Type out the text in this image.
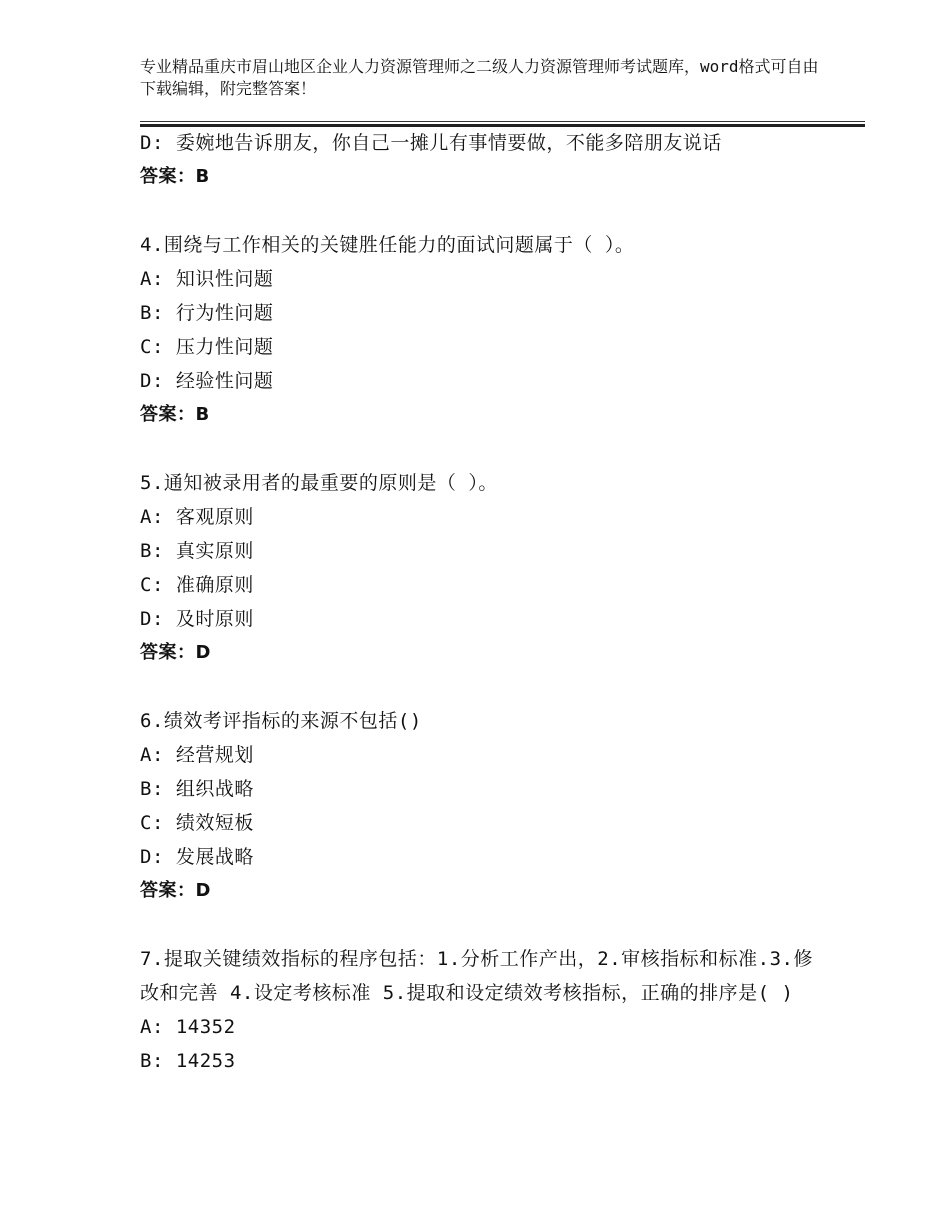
专业精品重庆市眉山地区企业人力资源管理师之二级人力资源管理师考试题库，word格式可自由下载编辑，附完整答案！
D: 委婉地告诉朋友，你自己一摊儿有事情要做，不能多陪朋友说话
答案：B
4.围绕与工作相关的关键胜任能力的面试问题属于（ ）。
A: 知识性问题
B: 行为性问题
C: 压力性问题
D: 经验性问题
答案：B
5.通知被录用者的最重要的原则是（ ）。
A: 客观原则
B: 真实原则
C: 准确原则
D: 及时原则
答案：D
6.绩效考评指标的来源不包括()
A: 经营规划
B: 组织战略
C: 绩效短板
D: 发展战略
答案：D
7.提取关键绩效指标的程序包括：1.分析工作产出，2.审核指标和标准.3.修改和完善 4.设定考核标准 5.提取和设定绩效考核指标，正确的排序是( )
A: 14352
B: 14253
